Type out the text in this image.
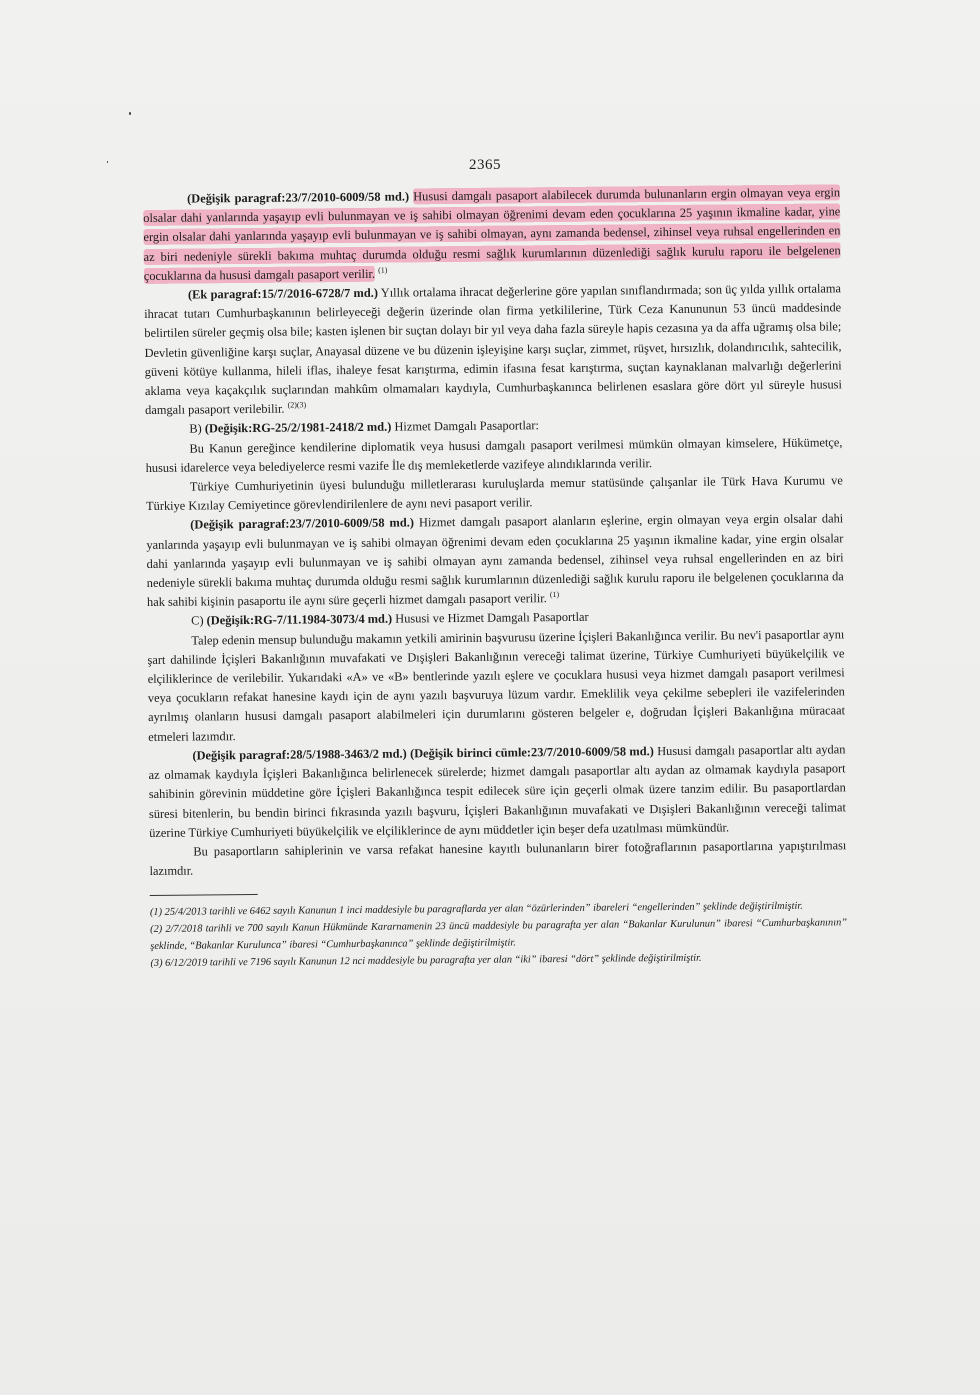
2365

(Değişik paragraf:23/7/2010-6009/58 md.) Hususi damgalı pasaport alabilecek durumda bulunanların ergin olmayan veya ergin olsalar dahi yanlarında yaşayıp evli bulunmayan ve iş sahibi olmayan öğrenimi devam eden çocuklarına 25 yaşının ikmaline kadar, yine ergin olsalar dahi yanlarında yaşayıp evli bulunmayan ve iş sahibi olmayan, aynı zamanda bedensel, zihinsel veya ruhsal engellerinden en az biri nedeniyle sürekli bakıma muhtaç durumda olduğu resmi sağlık kurumlarının düzenlediği sağlık kurulu raporu ile belgelenen çocuklarına da hususi damgalı pasaport verilir. $^{(1)}$

(Ek paragraf:15/7/2016-6728/7 md.) Yıllık ortalama ihracat değerlerine göre yapılan sınıflandırmada; son üç yılda yıllık ortalama ihracat tutarı Cumhurbaşkanının belirleyeceği değerin üzerinde olan firma yetkililerine, Türk Ceza Kanununun 53 üncü maddesinde belirtilen süreler geçmiş olsa bile; kasten işlenen bir suçtan dolayı bir yıl veya daha fazla süreyle hapis cezasına ya da affa uğramış olsa bile; Devletin güvenliğine karşı suçlar, Anayasal düzene ve bu düzenin işleyişine karşı suçlar, zimmet, rüşvet, hırsızlık, dolandırıcılık, sahtecilik, güveni kötüye kullanma, hileli iflas, ihaleye fesat karıştırma, edimin ifasına fesat karıştırma, suçtan kaynaklanan malvarlığı değerlerini aklama veya kaçakçılık suçlarından mahkûm olmamaları kaydıyla, Cumhurbaşkanınca belirlenen esaslara göre dört yıl süreyle hususi damgalı pasaport verilebilir. $^{(2)(3)}$

B) (Değişik:RG-25/2/1981-2418/2 md.) Hizmet Damgalı Pasaportlar:

Bu Kanun gereğince kendilerine diplomatik veya hususi damgalı pasaport verilmesi mümkün olmayan kimselere, Hükümetçe, hususi idarelerce veya belediyelerce resmi vazife İle dış memleketlerde vazifeye alındıklarında verilir.

Türkiye Cumhuriyetinin üyesi bulunduğu milletlerarası kuruluşlarda memur statüsünde çalışanlar ile Türk Hava Kurumu ve Türkiye Kızılay Cemiyetince görevlendirilenlere de aynı nevi pasaport verilir.

(Değişik paragraf:23/7/2010-6009/58 md.) Hizmet damgalı pasaport alanların eşlerine, ergin olmayan veya ergin olsalar dahi yanlarında yaşayıp evli bulunmayan ve iş sahibi olmayan öğrenimi devam eden çocuklarına 25 yaşının ikmaline kadar, yine ergin olsalar dahi yanlarında yaşayıp evli bulunmayan ve iş sahibi olmayan aynı zamanda bedensel, zihinsel veya ruhsal engellerinden en az biri nedeniyle sürekli bakıma muhtaç durumda olduğu resmi sağlık kurumlarının düzenlediği sağlık kurulu raporu ile belgelenen çocuklarına da hak sahibi kişinin pasaportu ile aynı süre geçerli hizmet damgalı pasaport verilir. $^{(1)}$

C) (Değişik:RG-7/11.1984-3073/4 md.) Hususi ve Hizmet Damgalı Pasaportlar

Talep edenin mensup bulunduğu makamın yetkili amirinin başvurusu üzerine İçişleri Bakanlığınca verilir. Bu nev'i pasaportlar aynı şart dahilinde İçişleri Bakanlığının muvafakati ve Dışişleri Bakanlığının vereceği talimat üzerine, Türkiye Cumhuriyeti büyükelçilik ve elçiliklerince de verilebilir. Yukarıdaki «A» ve «B» bentlerinde yazılı eşlere ve çocuklara hususi veya hizmet damgalı pasaport verilmesi veya çocukların refakat hanesine kaydı için de aynı yazılı başvuruya lüzum vardır. Emeklilik veya çekilme sebepleri ile vazifelerinden ayrılmış olanların hususi damgalı pasaport alabilmeleri için durumlarını gösteren belgeler e, doğrudan İçişleri Bakanlığına müracaat etmeleri lazımdır.

(Değişik paragraf:28/5/1988-3463/2 md.) (Değişik birinci cümle:23/7/2010-6009/58 md.) Hususi damgalı pasaportlar altı aydan az olmamak kaydıyla İçişleri Bakanlığınca belirlenecek sürelerde; hizmet damgalı pasaportlar altı aydan az olmamak kaydıyla pasaport sahibinin görevinin müddetine göre İçişleri Bakanlığınca tespit edilecek süre için geçerli olmak üzere tanzim edilir. Bu pasaportlardan süresi bitenlerin, bu bendin birinci fıkrasında yazılı başvuru, İçişleri Bakanlığının muvafakati ve Dışişleri Bakanlığının vereceği talimat üzerine Türkiye Cumhuriyeti büyükelçilik ve elçiliklerince de aynı müddetler için beşer defa uzatılması mümkündür.

Bu pasaportların sahiplerinin ve varsa refakat hanesine kayıtlı bulunanların birer fotoğraflarının pasaportlarına yapıştırılması lazımdır.

(1) 25/4/2013 tarihli ve 6462 sayılı Kanunun 1 inci maddesiyle bu paragraflarda yer alan “özürlerinden” ibareleri “engellerinden” şeklinde değiştirilmiştir.

(2) 2/7/2018 tarihli ve 700 sayılı Kanun Hükmünde Kararnamenin 23 üncü maddesiyle bu paragrafta yer alan “Bakanlar Kurulunun” ibaresi “Cumhurbaşkanının” şeklinde, “Bakanlar Kurulunca” ibaresi “Cumhurbaşkanınca” şeklinde değiştirilmiştir.

(3) 6/12/2019 tarihli ve 7196 sayılı Kanunun 12 nci maddesiyle bu paragrafta yer alan “iki” ibaresi “dört” şeklinde değiştirilmiştir.
